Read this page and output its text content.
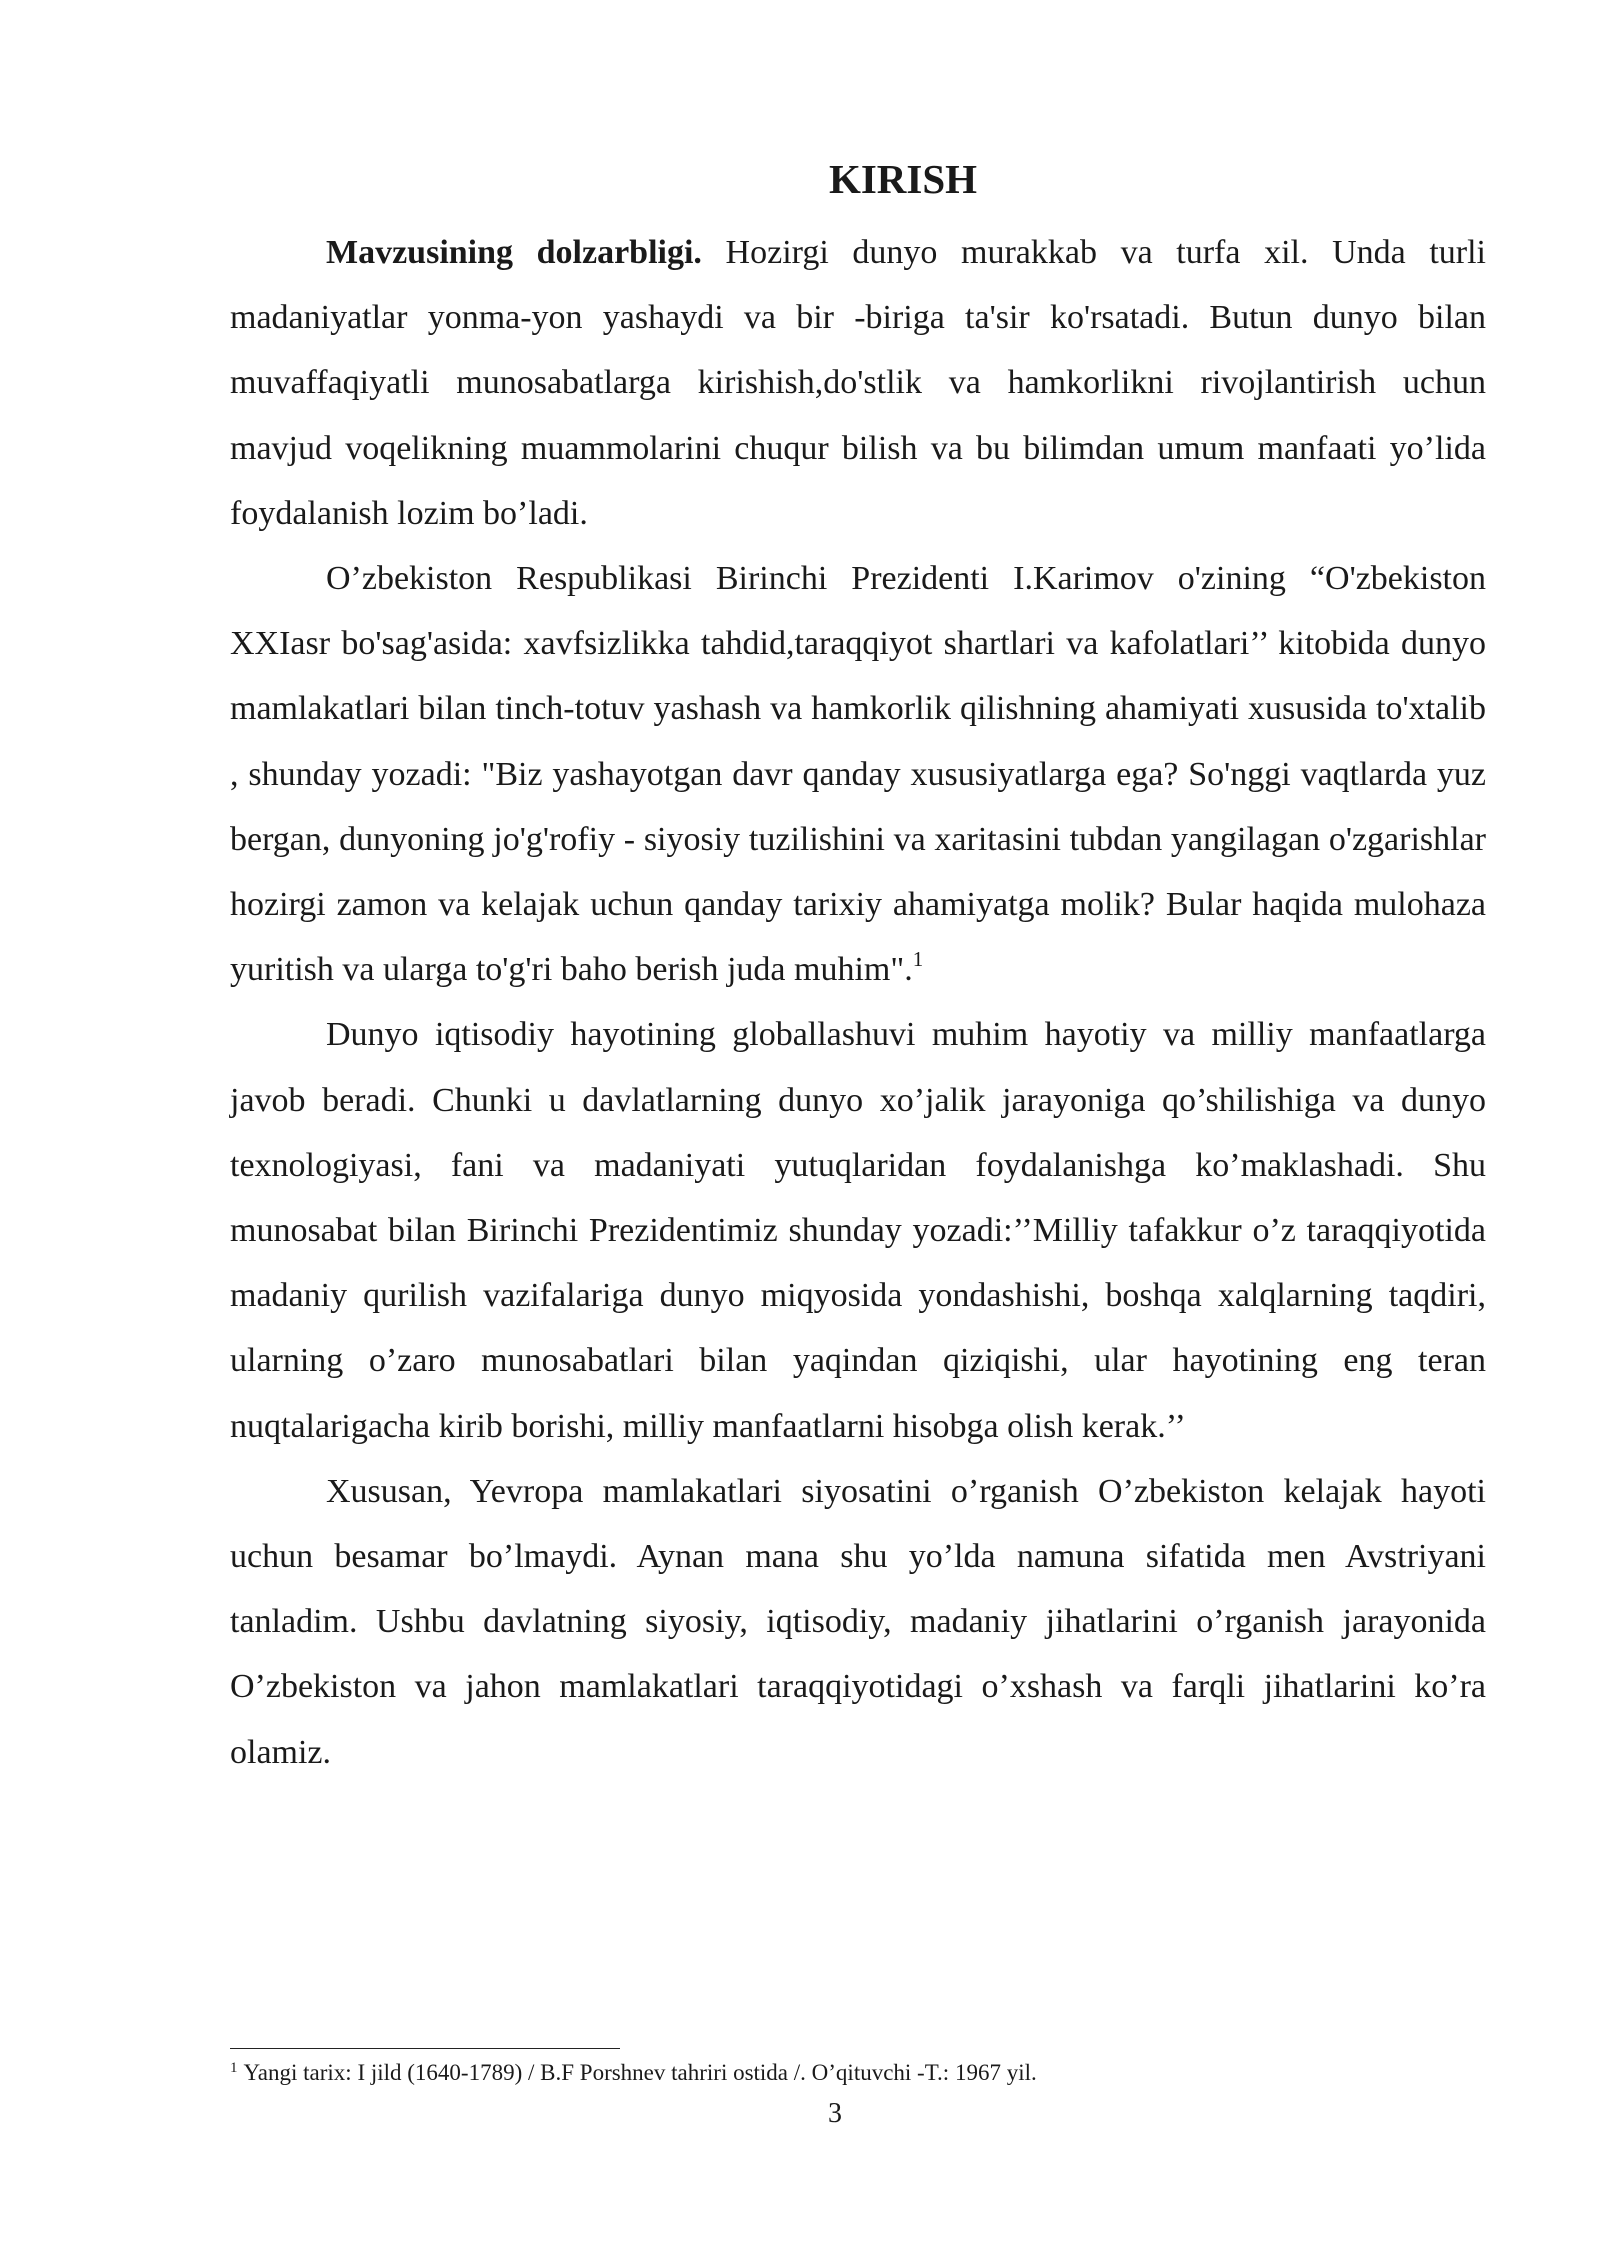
KIRISH

Mavzusining dolzarbligi. Hozirgi dunyo murakkab va turfa xil. Unda turli madaniyatlar yonma-yon yashaydi va bir -biriga ta'sir ko'rsatadi. Butun dunyo bilan muvaffaqiyatli munosabatlarga kirishish,do'stlik va hamkorlikni rivojlantirish uchun mavjud voqelikning muammolarini chuqur bilish va bu bilimdan umum manfaati yo’lida foydalanish lozim bo’ladi.

O’zbekiston Respublikasi Birinchi Prezidenti I.Karimov o'zining “O'zbekiston XXIasr bo'sag'asida: xavfsizlikka tahdid,taraqqiyot shartlari va kafolatlari’’ kitobida dunyo mamlakatlari bilan tinch-totuv yashash va hamkorlik qilishning ahamiyati xususida to'xtalib , shunday yozadi: "Biz yashayotgan davr qanday xususiyatlarga ega? So'nggi vaqtlarda yuz bergan, dunyoning jo'g'rofiy - siyosiy tuzilishini va xaritasini tubdan yangilagan o'zgarishlar hozirgi zamon va kelajak uchun qanday tarixiy ahamiyatga molik? Bular haqida mulohaza yuritish va ularga to'g'ri baho berish juda muhim".$^1$

Dunyo iqtisodiy hayotining globallashuvi muhim hayotiy va milliy manfaatlarga javob beradi. Chunki u davlatlarning dunyo xo’jalik jarayoniga qo’shilishiga va dunyo texnologiyasi, fani va madaniyati yutuqlaridan foydalanishga ko’maklashadi. Shu munosabat bilan Birinchi Prezidentimiz shunday yozadi:’’Milliy tafakkur o’z taraqqiyotida madaniy qurilish vazifalariga dunyo miqyosida yondashishi, boshqa xalqlarning taqdiri, ularning o’zaro munosabatlari bilan yaqindan qiziqishi, ular hayotining eng teran nuqtalarigacha kirib borishi, milliy manfaatlarni hisobga olish kerak.’’

Xususan, Yevropa mamlakatlari siyosatini o’rganish O’zbekiston kelajak hayoti uchun besamar bo’lmaydi. Aynan mana shu yo’lda namuna sifatida men Avstriyani tanladim. Ushbu davlatning siyosiy, iqtisodiy, madaniy jihatlarini o’rganish jarayonida O’zbekiston va jahon mamlakatlari taraqqiyotidagi o’xshash va farqli jihatlarini ko’ra olamiz.

$^1$ Yangi tarix: I jild (1640-1789) / B.F Porshnev tahriri ostida /. O’qituvchi -T.: 1967 yil.
3
